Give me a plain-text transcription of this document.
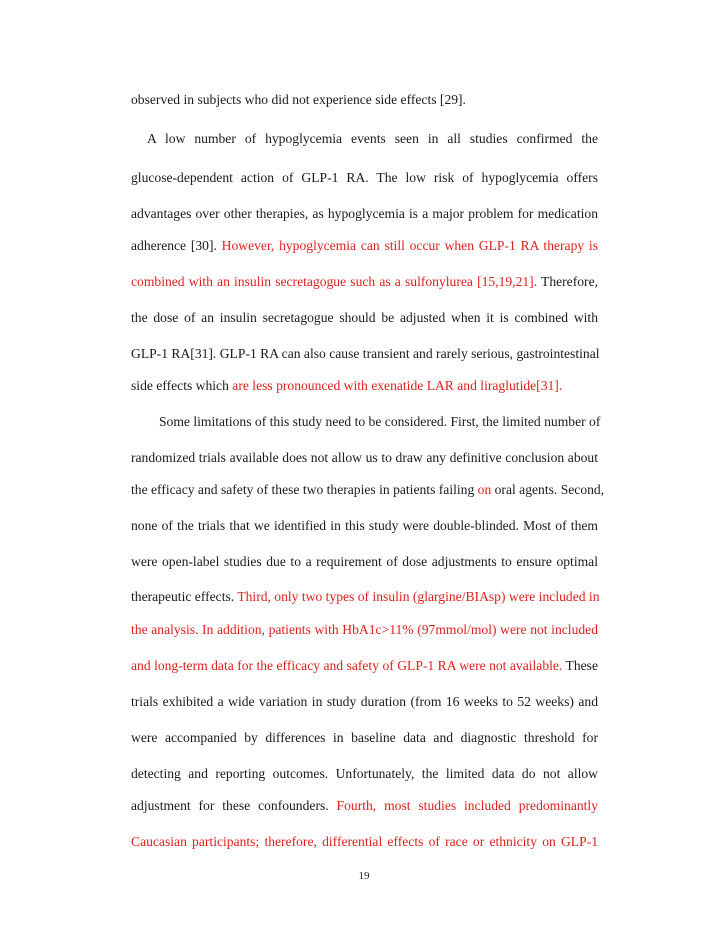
observed in subjects who did not experience side effects [29].
A low number of hypoglycemia events seen in all studies confirmed the
glucose-dependent action of GLP-1 RA. The low risk of hypoglycemia offers
advantages over other therapies, as hypoglycemia is a major problem for medication
adherence [30]. However, hypoglycemia can still occur when GLP-1 RA therapy is
combined with an insulin secretagogue such as a sulfonylurea [15,19,21]. Therefore,
the dose of an insulin secretagogue should be adjusted when it is combined with
GLP-1 RA[31]. GLP-1 RA can also cause transient and rarely serious, gastrointestinal
side effects which are less pronounced with exenatide LAR and liraglutide[31].
Some limitations of this study need to be considered. First, the limited number of
randomized trials available does not allow us to draw any definitive conclusion about
the efficacy and safety of these two therapies in patients failing on oral agents. Second,
none of the trials that we identified in this study were double-blinded. Most of them
were open-label studies due to a requirement of dose adjustments to ensure optimal
therapeutic effects. Third, only two types of insulin (glargine/BIAsp) were included in
the analysis. In addition, patients with HbA1c>11% (97mmol/mol) were not included
and long-term data for the efficacy and safety of GLP-1 RA were not available. These
trials exhibited a wide variation in study duration (from 16 weeks to 52 weeks) and
were accompanied by differences in baseline data and diagnostic threshold for
detecting and reporting outcomes. Unfortunately, the limited data do not allow
adjustment for these confounders. Fourth, most studies included predominantly
Caucasian participants; therefore, differential effects of race or ethnicity on GLP-1
19
